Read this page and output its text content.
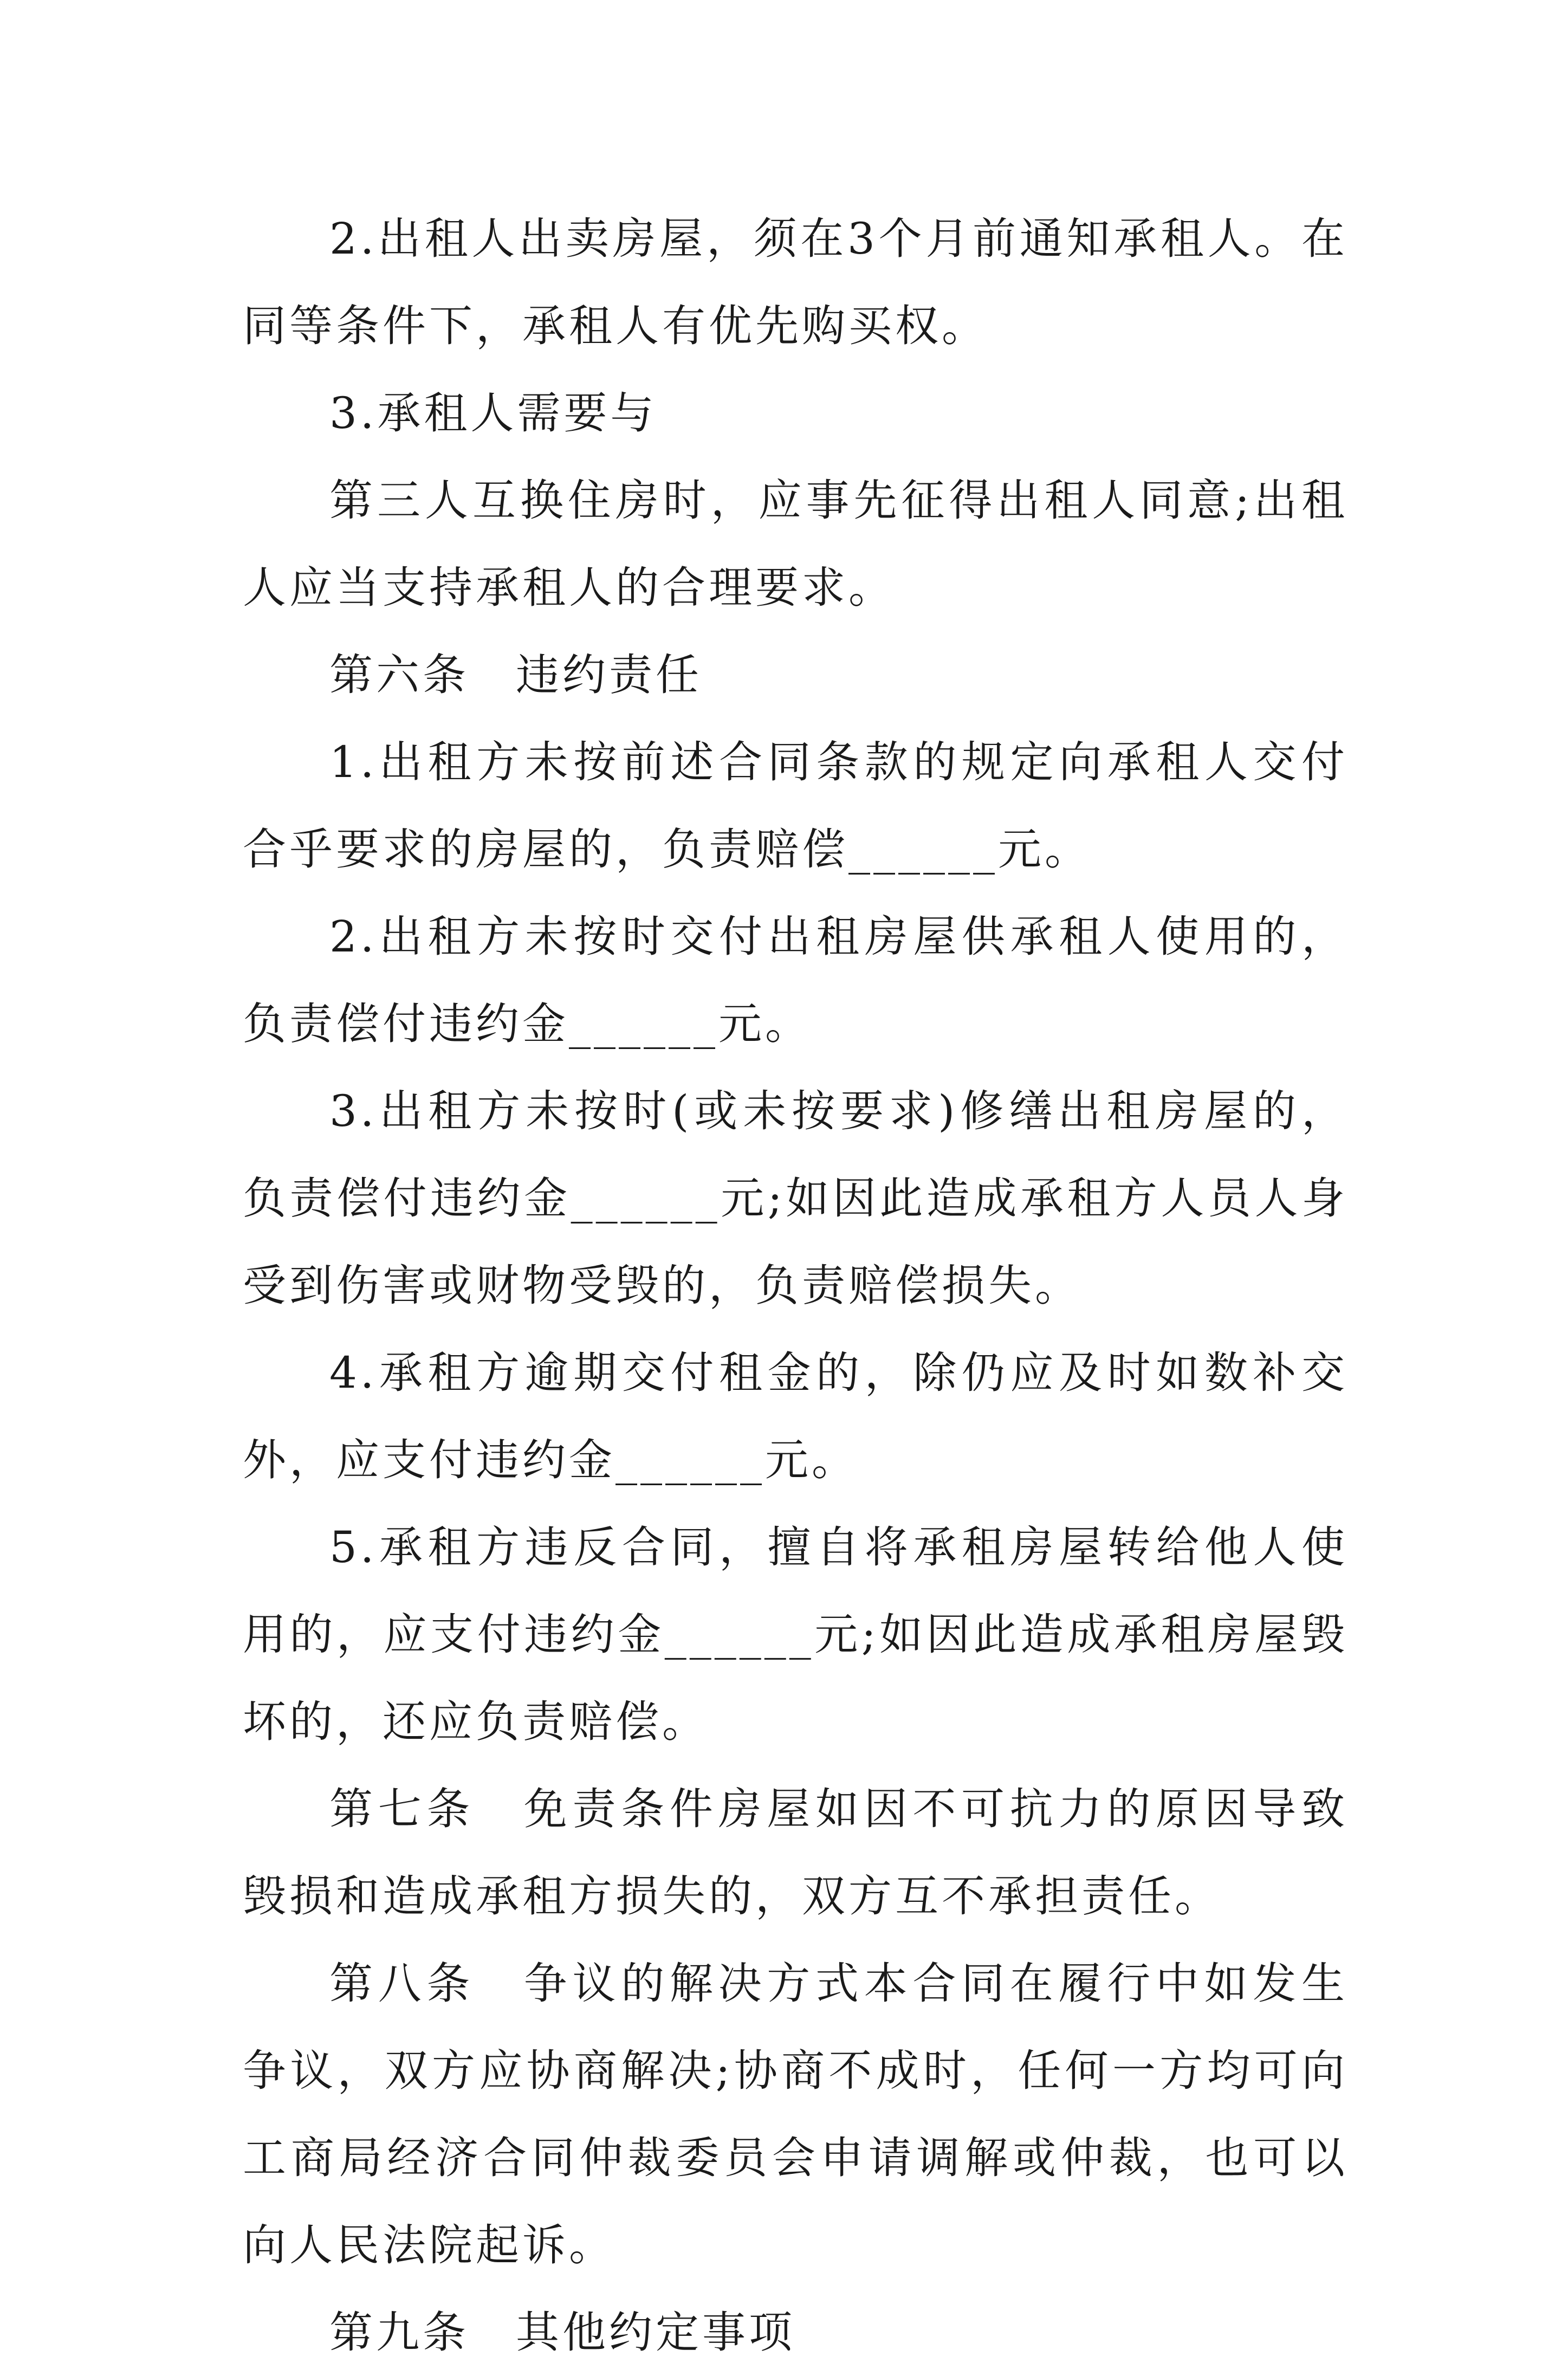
2.出租人出卖房屋，须在3个月前通知承租人。在同等条件下，承租人有优先购买权。

3.承租人需要与

第三人互换住房时，应事先征得出租人同意;出租人应当支持承租人的合理要求。

第六条　违约责任

1.出租方未按前述合同条款的规定向承租人交付合乎要求的房屋的，负责赔偿______元。

2.出租方未按时交付出租房屋供承租人使用的，负责偿付违约金______元。

3.出租方未按时(或未按要求)修缮出租房屋的，负责偿付违约金______元;如因此造成承租方人员人身受到伤害或财物受毁的，负责赔偿损失。

4.承租方逾期交付租金的，除仍应及时如数补交外，应支付违约金______元。

5.承租方违反合同，擅自将承租房屋转给他人使用的，应支付违约金______元;如因此造成承租房屋毁坏的，还应负责赔偿。

第七条　免责条件房屋如因不可抗力的原因导致毁损和造成承租方损失的，双方互不承担责任。

第八条　争议的解决方式本合同在履行中如发生争议，双方应协商解决;协商不成时，任何一方均可向工商局经济合同仲裁委员会申请调解或仲裁，也可以向人民法院起诉。

第九条　其他约定事项
